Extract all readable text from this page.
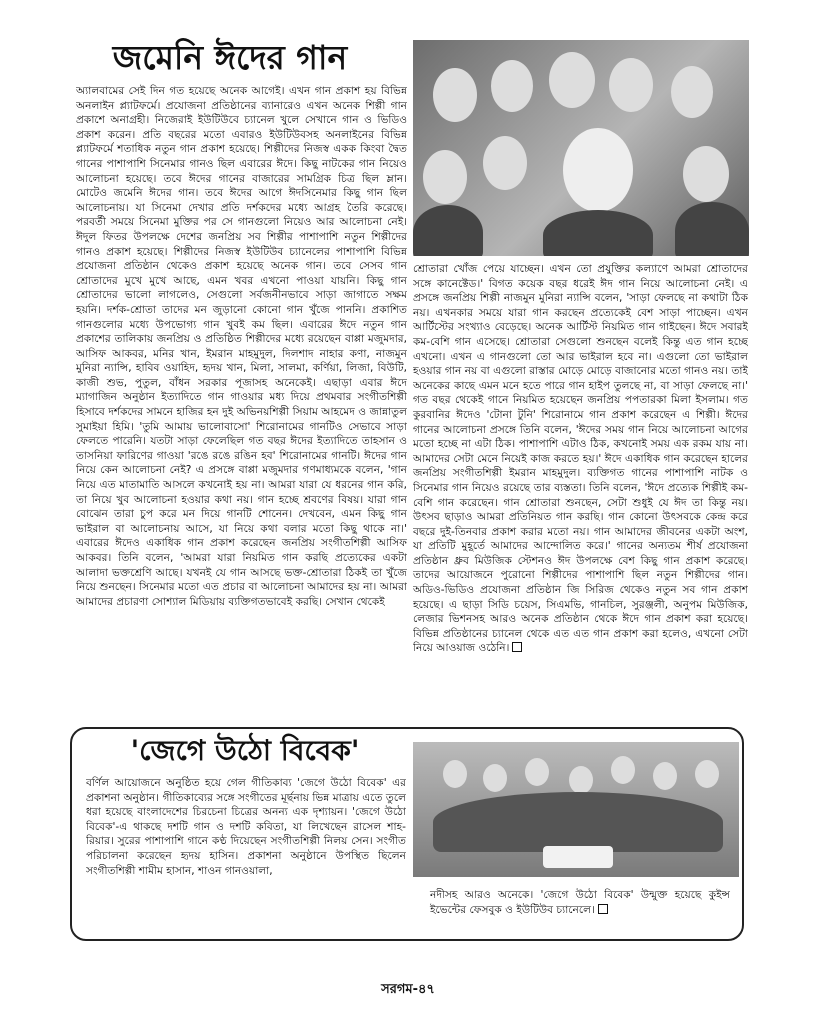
জমেনি ঈদের গান

অ্যালবামের সেই দিন গত হয়েছে অনেক আগেই। এখন গান প্রকাশ হয় বিভিন্ন অনলাইন প্ল্যাটফর্মে। প্রযোজনা প্রতিষ্ঠানের ব্যানারেও এখন অনেক শিল্পী গান প্রকাশে অনাগ্রহী। নিজেরাই ইউটিউবে চ্যানেল খুলে সেখানে গান ও ভিডিও প্রকাশ করেন। প্রতি বছরের মতো এবারও ইউটিউবসহ অনলাইনের বিভিন্ন প্ল্যাটফর্মে শতাধিক নতুন গান প্রকাশ হয়েছে। শিল্পীদের নিজস্ব একক কিংবা দ্বৈত গানের পাশাপাশি সিনেমার গানও ছিল এবারের ঈদে। কিছু নাটকের গান নিয়েও আলোচনা হয়েছে। তবে ঈদের গানের বাজারের সামগ্রিক চিত্র ছিল ম্লান। মোটেও জমেনি ঈদের গান। তবে ঈদের আগে ঈদসিনেমার কিছু গান ছিল আলোচনায়। যা সিনেমা দেখার প্রতি দর্শকদের মধ্যে আগ্রহ তৈরি করেছে। পরবর্তী সময়ে সিনেমা মুক্তির পর সে গানগুলো নিয়েও আর আলোচনা নেই। ঈদুল ফিতর উপলক্ষে দেশের জনপ্রিয় সব শিল্পীর পাশাপাশি নতুন শিল্পীদের গানও প্রকাশ হয়েছে। শিল্পীদের নিজস্ব ইউটিউব চ্যানেলের পাশাপাশি বিভিন্ন প্রযোজনা প্রতিষ্ঠান থেকেও প্রকাশ হয়েছে অনেক গান। তবে সেসব গান শ্রোতাদের মুখে মুখে আছে, এমন খবর এখনো পাওয়া যায়নি। কিছু গান শ্রোতাদের ভালো লাগলেও, সেগুলো সর্বজনীনভাবে সাড়া জাগাতে সক্ষম হয়নি। দর্শক-শ্রোতা তাদের মন জুড়ানো কোনো গান খুঁজে পাননি। প্রকাশিত গানগুলোর মধ্যে উপভোগ্য গান খুবই কম ছিল। এবারের ঈদে নতুন গান প্রকাশের তালিকায় জনপ্রিয় ও প্রতিষ্ঠিত শিল্পীদের মধ্যে রয়েছেন বাপ্পা মজুমদার, আসিফ আকবর, মনির খান, ইমরান মাহমুদুল, দিলশাদ নাহার কণা, নাজমুন মুনিরা ন্যান্সি, হাবিব ওয়াহিদ, হৃদয় খান, মিলা, সালমা, কর্ণিয়া, লিজা, বিউটি, কাজী শুভ, পুতুল, বাঁধন সরকার পূজাসহ অনেকেই। এছাড়া এবার ঈদে ম্যাগাজিন অনুষ্ঠান ইত্যাদিতে গান গাওয়ার মধ্য দিয়ে প্রথমবার সংগীতশিল্পী হিসাবে দর্শকদের সামনে হাজির হন দুই অভিনয়শিল্পী সিয়াম আহমেদ ও জান্নাতুল সুমাইয়া হিমি। 'তুমি আমায় ভালোবাসো' শিরোনামের গানটিও সেভাবে সাড়া ফেলতে পারেনি। যতটা সাড়া ফেলেছিল গত বছর ঈদের ইত্যাদিতে তাহসান ও তাসনিয়া ফারিণের গাওয়া 'রঙে রঙে রঙিন হব' শিরোনামের গানটি। ঈদের গান নিয়ে কেন আলোচনা নেই? এ প্রসঙ্গে বাপ্পা মজুমদার গণমাধ্যমকে বলেন, 'গান নিয়ে এত মাতামাতি আসলে কখনোই হয় না। আমরা যারা যে ধরনের গান করি, তা নিয়ে খুব আলোচনা হওয়ার কথা নয়। গান হচ্ছে শ্রবণের বিষয়। যারা গান বোঝেন তারা চুপ করে মন দিয়ে গানটি শোনেন। দেখবেন, এমন কিছু গান ভাইরাল বা আলোচনায় আসে, যা নিয়ে কথা বলার মতো কিছু থাকে না।' এবারের ঈদেও একাধিক গান প্রকাশ করেছেন জনপ্রিয় সংগীতশিল্পী আসিফ আকবর। তিনি বলেন, 'আমরা যারা নিয়মিত গান করছি প্রত্যেকের একটা আলাদা ভক্তশ্রেণি আছে। যখনই যে গান আসছে ভক্ত-শ্রোতারা ঠিকই তা খুঁজে নিয়ে শুনছেন। সিনেমার মতো এত প্রচার বা আলোচনা আমাদের হয় না। আমরা আমাদের প্রচারণা সোশ্যাল মিডিয়ায় ব্যক্তিগতভাবেই করছি। সেখান থেকেই

শ্রোতারা খোঁজ পেয়ে যাচ্ছেন। এখন তো প্রযুক্তির কল্যাণে আমরা শ্রোতাদের সঙ্গে কানেক্টেড।' বিগত কয়েক বছর ধরেই ঈদ গান নিয়ে আলোচনা নেই। এ প্রসঙ্গে জনপ্রিয় শিল্পী নাজমুন মুনিরা ন্যান্সি বলেন, 'সাড়া ফেলছে না কথাটা ঠিক নয়। এখনকার সময়ে যারা গান করছেন প্রত্যেকেই বেশ সাড়া পাচ্ছেন। এখন আর্টিস্টের সংখ্যাও বেড়েছে। অনেক আর্টিস্ট নিয়মিত গান গাইছেন। ঈদে সবারই কম-বেশি গান এসেছে। শ্রোতারা সেগুলো শুনছেন বলেই কিন্তু এত গান হচ্ছে এখনো। এখন এ গানগুলো তো আর ভাইরাল হবে না। এগুলো তো ভাইরাল হওয়ার গান নয় বা এগুলো রাস্তার মোড়ে মোড়ে বাজানোর মতো গানও নয়। তাই অনেকের কাছে এমন মনে হতে পারে গান হাইপ তুলছে না, বা সাড়া ফেলছে না।' গত বছর থেকেই গানে নিয়মিত হয়েছেন জনপ্রিয় পপতারকা মিলা ইসলাম। গত কুরবানির ঈদেও 'টোনা টুনি' শিরোনামে গান প্রকাশ করেছেন এ শিল্পী। ঈদের গানের আলোচনা প্রসঙ্গে তিনি বলেন, 'ঈদের সময় গান নিয়ে আলোচনা আগের মতো হচ্ছে না এটা ঠিক। পাশাপাশি এটাও ঠিক, কখনোই সময় এক রকম যায় না। আমাদের সেটা মেনে নিয়েই কাজ করতে হয়।' ঈদে একাধিক গান করেছেন হালের জনপ্রিয় সংগীতশিল্পী ইমরান মাহমুদুল। ব্যক্তিগত গানের পাশাপাশি নাটক ও সিনেমার গান নিয়েও রয়েছে তার ব্যস্ততা। তিনি বলেন, 'ঈদে প্রত্যেক শিল্পীই কম-বেশি গান করেছেন। গান শ্রোতারা শুনছেন, সেটা শুধুই যে ঈদ তা কিন্তু নয়। উৎসব ছাড়াও আমরা প্রতিনিয়ত গান করছি। গান কোনো উৎসবকে কেন্দ্র করে বছরে দুই-তিনবার প্রকাশ করার মতো নয়। গান আমাদের জীবনের একটা অংশ, যা প্রতিটি মুহূর্তে আমাদের আন্দোলিত করে।' গানের অন্যতম শীর্ষ প্রযোজনা প্রতিষ্ঠান ধ্রুব মিউজিক স্টেশনও ঈদ উপলক্ষে বেশ কিছু গান প্রকাশ করেছে। তাদের আয়োজনে পুরোনো শিল্পীদের পাশাপাশি ছিল নতুন শিল্পীদের গান। অডিও-ভিডিও প্রযোজনা প্রতিষ্ঠান জি সিরিজ থেকেও নতুন সব গান প্রকাশ হয়েছে। এ ছাড়া সিডি চয়েস, সিএমভি, গানচিল, সুরঞ্জলী, অনুপম মিউজিক, লেজার ভিশনসহ আরও অনেক প্রতিষ্ঠান থেকে ঈদে গান প্রকাশ করা হয়েছে। বিভিন্ন প্রতিষ্ঠানের চ্যানেল থেকে এত এত গান প্রকাশ করা হলেও, এখনো সেটা নিয়ে আওয়াজ ওঠেনি।

'জেগে উঠো বিবেক'
বর্ণিল আয়োজনে অনুষ্ঠিত হয়ে গেল গীতিকাব্য 'জেগে উঠো বিবেক' এর প্রকাশনা অনুষ্ঠান। গীতিকাব্যের সঙ্গে সংগীতের মূর্ছনায় ভিন্ন মাত্রায় এতে তুলে ধরা হয়েছে বাংলাদেশের চিরচেনা চিত্রের অনন্য এক দৃশ্যায়ন। 'জেগে উঠো বিবেক'-এ থাকছে দশটি গান ও দশটি কবিতা, যা লিখেছেন রাসেল শাহ-রিয়ার। সুরের পাশাপাশি গানে কণ্ঠ দিয়েছেন সংগীতশিল্পী নিলয় সেন। সংগীত পরিচালনা করেছেন হৃদয় হাসিন। প্রকাশনা অনুষ্ঠানে উপস্থিত ছিলেন সংগীতশিল্পী শামীম হাসান, শাওন গানওয়ালা,
নদীসহ আরও অনেকে। 'জেগে উঠো বিবেক' উন্মুক্ত হয়েছে কুইন্স ইভেন্টের ফেসবুক ও ইউটিউব চ্যানেলে।
সরগম-৪৭
